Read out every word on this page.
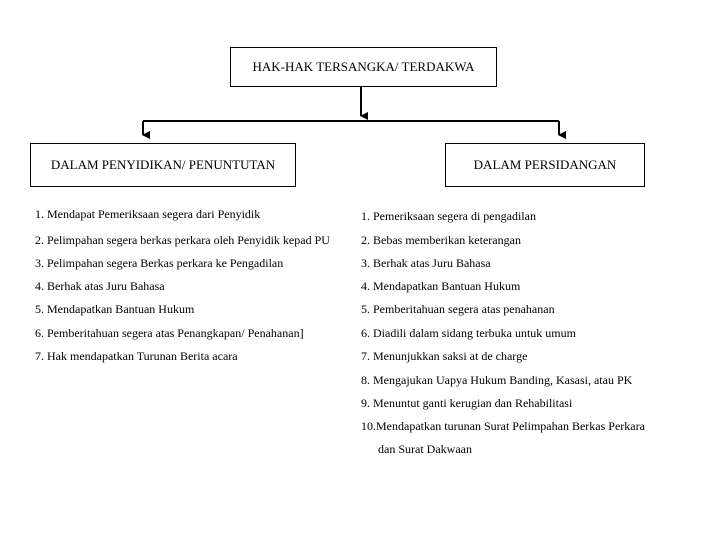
HAK-HAK TERSANGKA/ TERDAKWA
DALAM PENYIDIKAN/ PENUNTUTAN	DALAM PERSIDANGAN
1. Mendapat Pemeriksaan segera dari Penyidik
2. Pelimpahan segera berkas perkara oleh Penyidik kepad PU
3. Pelimpahan segera Berkas perkara ke Pengadilan
4. Berhak atas Juru Bahasa
5. Mendapatkan Bantuan Hukum
6. Pemberitahuan segera atas Penangkapan/ Penahanan]
7. Hak mendapatkan Turunan Berita acara
1. Pemeriksaan segera di pengadilan
2. Bebas memberikan keterangan
3. Berhak atas Juru Bahasa
4. Mendapatkan Bantuan Hukum
5. Pemberitahuan segera atas penahanan
6. Diadili dalam sidang terbuka untuk umum
7. Menunjukkan saksi at de charge
8. Mengajukan Uapya Hukum Banding, Kasasi, atau PK
9. Menuntut ganti kerugian dan Rehabilitasi
10.Mendapatkan turunan Surat Pelimpahan Berkas Perkara
dan Surat Dakwaan
